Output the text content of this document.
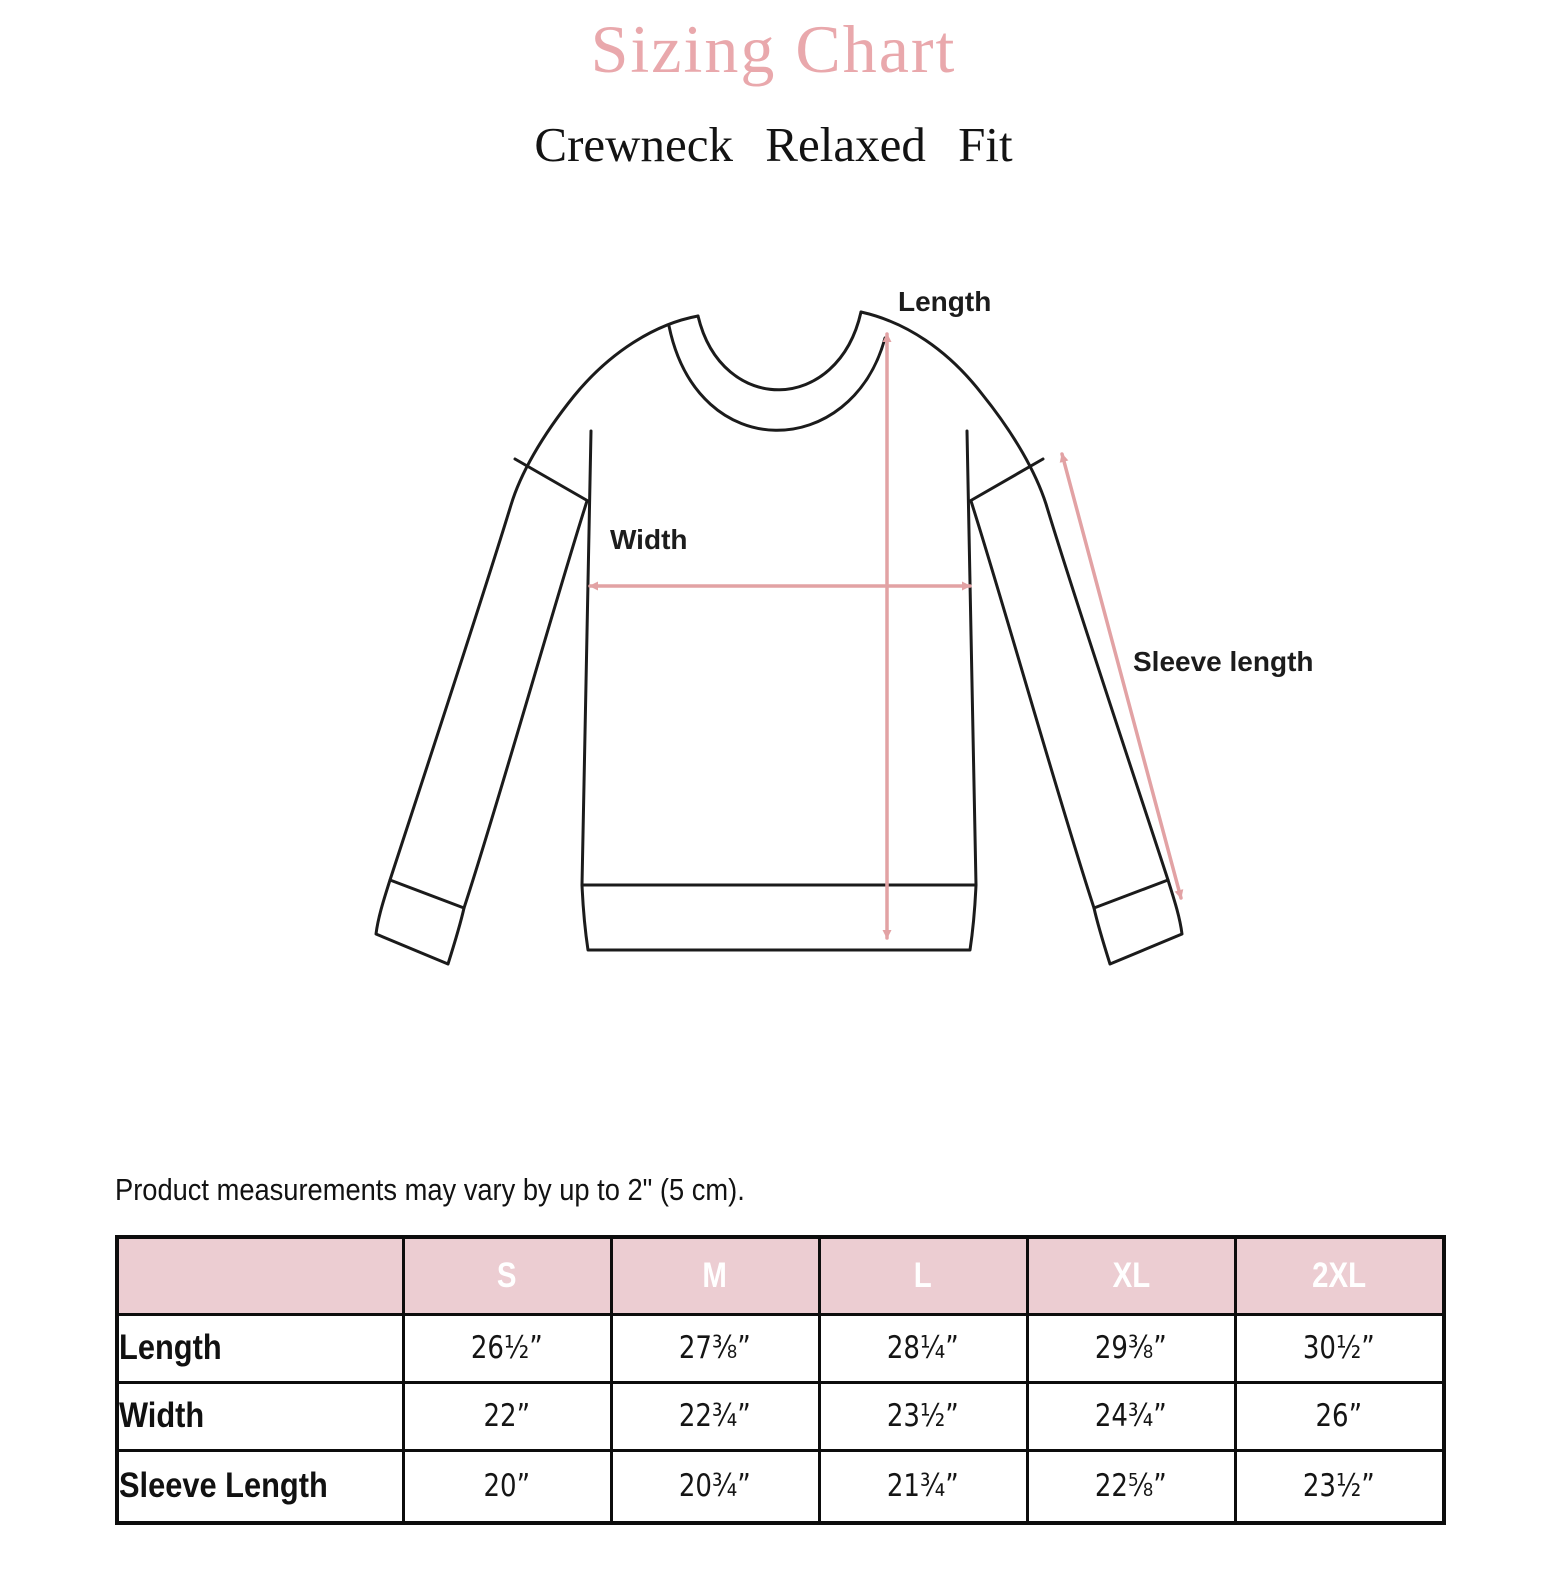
Sizing Chart
Crewneck Relaxed Fit
Length
Width
Sleeve length
Product measurements may vary by up to 2" (5 cm).
	S	M	L	XL	2XL
Length	26½”	27⅜”	28¼”	29⅜”	30½”
Width	22”	22¾”	23½”	24¾”	26”
Sleeve Length	20”	20¾”	21¾”	22⅝”	23½”
